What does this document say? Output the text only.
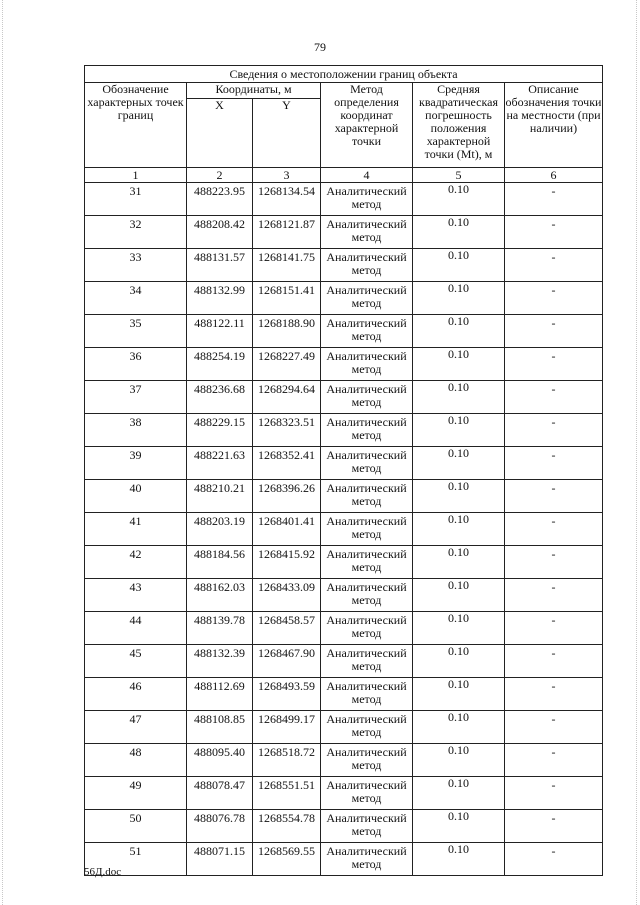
79
Сведения о местоположении границ объекта					
Обозначение характерных точек границ	Координаты, м		Метод определения координат характерной точки	Средняя квадратическая погрешность положения характерной точки (Mt), м	Описание обозначения точки на местности (при наличии)
	X	Y			
1	2	3	4	5	6
31	488223.95	1268134.54	Аналитический метод	0.10	-
32	488208.42	1268121.87	Аналитический метод	0.10	-
33	488131.57	1268141.75	Аналитический метод	0.10	-
34	488132.99	1268151.41	Аналитический метод	0.10	-
35	488122.11	1268188.90	Аналитический метод	0.10	-
36	488254.19	1268227.49	Аналитический метод	0.10	-
37	488236.68	1268294.64	Аналитический метод	0.10	-
38	488229.15	1268323.51	Аналитический метод	0.10	-
39	488221.63	1268352.41	Аналитический метод	0.10	-
40	488210.21	1268396.26	Аналитический метод	0.10	-
41	488203.19	1268401.41	Аналитический метод	0.10	-
42	488184.56	1268415.92	Аналитический метод	0.10	-
43	488162.03	1268433.09	Аналитический метод	0.10	-
44	488139.78	1268458.57	Аналитический метод	0.10	-
45	488132.39	1268467.90	Аналитический метод	0.10	-
46	488112.69	1268493.59	Аналитический метод	0.10	-
47	488108.85	1268499.17	Аналитический метод	0.10	-
48	488095.40	1268518.72	Аналитический метод	0.10	-
49	488078.47	1268551.51	Аналитический метод	0.10	-
50	488076.78	1268554.78	Аналитический метод	0.10	-
51	488071.15	1268569.55	Аналитический метод	0.10	-
56Д.doc
